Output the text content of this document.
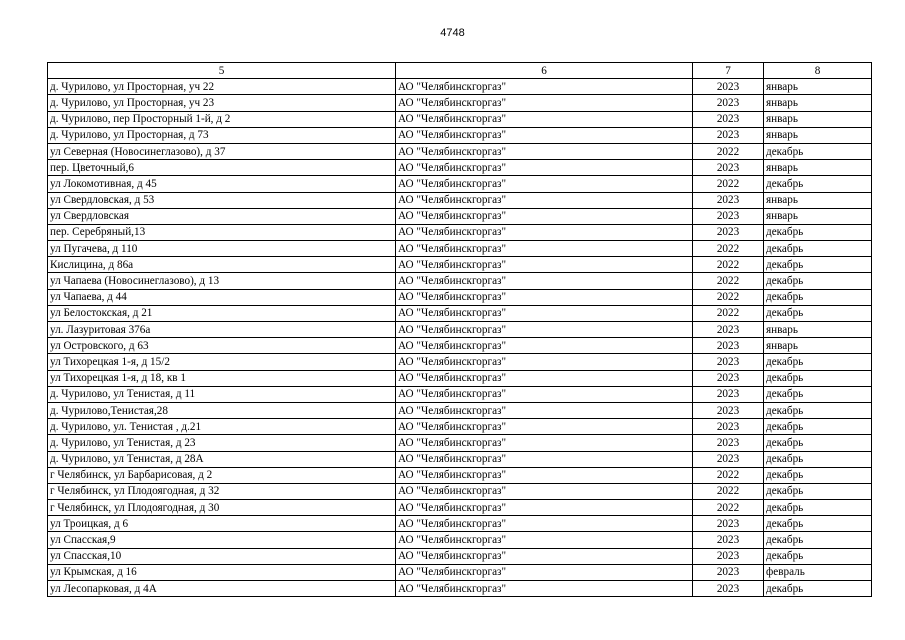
4748
5	6	7	8
д. Чурилово, ул Просторная, уч 22	АО "Челябинскгоргаз"	2023	январь
д. Чурилово, ул Просторная, уч 23	АО "Челябинскгоргаз"	2023	январь
д. Чурилово, пер Просторный 1-й, д 2	АО "Челябинскгоргаз"	2023	январь
д. Чурилово, ул Просторная, д 73	АО "Челябинскгоргаз"	2023	январь
ул Северная (Новосинеглазово), д 37	АО "Челябинскгоргаз"	2022	декабрь
пер. Цветочный,6	АО "Челябинскгоргаз"	2023	январь
ул Локомотивная, д 45	АО "Челябинскгоргаз"	2022	декабрь
ул Свердловская, д 53	АО "Челябинскгоргаз"	2023	январь
ул Свердловская	АО "Челябинскгоргаз"	2023	январь
пер. Серебряный,13	АО "Челябинскгоргаз"	2023	декабрь
ул Пугачева, д 110	АО "Челябинскгоргаз"	2022	декабрь
Кислицина, д 86а	АО "Челябинскгоргаз"	2022	декабрь
ул Чапаева (Новосинеглазово), д 13	АО "Челябинскгоргаз"	2022	декабрь
ул Чапаева, д 44	АО "Челябинскгоргаз"	2022	декабрь
ул Белостокская, д 21	АО "Челябинскгоргаз"	2022	декабрь
ул. Лазуритовая 376а	АО "Челябинскгоргаз"	2023	январь
ул Островского, д 63	АО "Челябинскгоргаз"	2023	январь
ул Тихорецкая 1-я, д 15/2	АО "Челябинскгоргаз"	2023	декабрь
ул Тихорецкая 1-я, д 18, кв 1	АО "Челябинскгоргаз"	2023	декабрь
д. Чурилово, ул Тенистая, д 11	АО "Челябинскгоргаз"	2023	декабрь
д. Чурилово,Тенистая,28	АО "Челябинскгоргаз"	2023	декабрь
д. Чурилово, ул. Тенистая , д.21	АО "Челябинскгоргаз"	2023	декабрь
д. Чурилово, ул Тенистая, д 23	АО "Челябинскгоргаз"	2023	декабрь
д. Чурилово, ул Тенистая, д 28А	АО "Челябинскгоргаз"	2023	декабрь
г Челябинск, ул Барбарисовая, д 2	АО "Челябинскгоргаз"	2022	декабрь
г Челябинск, ул Плодоягодная, д 32	АО "Челябинскгоргаз"	2022	декабрь
г Челябинск, ул Плодоягодная, д 30	АО "Челябинскгоргаз"	2022	декабрь
ул Троицкая, д 6	АО "Челябинскгоргаз"	2023	декабрь
ул Спасская,9	АО "Челябинскгоргаз"	2023	декабрь
ул Спасская,10	АО "Челябинскгоргаз"	2023	декабрь
ул Крымская, д 16	АО "Челябинскгоргаз"	2023	февраль
ул Лесопарковая, д 4А	АО "Челябинскгоргаз"	2023	декабрь
